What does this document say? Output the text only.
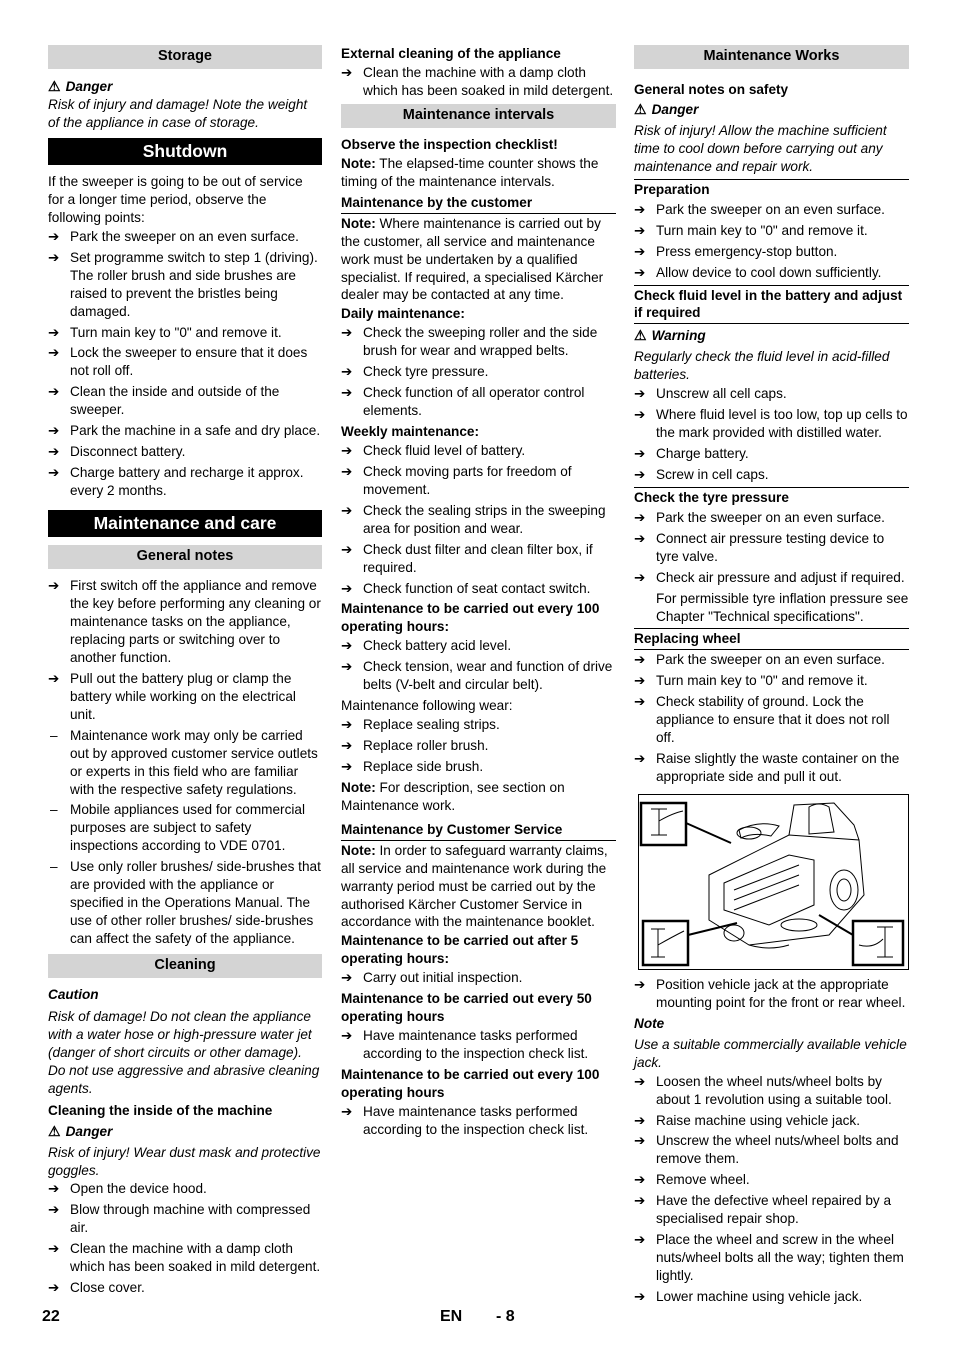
Storage
⚠ Danger

Risk of injury and damage! Note the weight of the appliance in case of storage.

Shutdown

If the sweeper is going to be out of service for a longer time period, observe the following points:

➔ Park the sweeper on an even surface.
➔ Set programme switch to step 1 (driving). The roller brush and side brushes are raised to prevent the bristles being damaged.
➔ Turn main key to "0" and remove it.
➔ Lock the sweeper to ensure that it does not roll off.
➔ Clean the inside and outside of the sweeper.
➔ Park the machine in a safe and dry place.
➔ Disconnect battery.
➔ Charge battery and recharge it approx. every 2 months.
Maintenance and care
General notes
➔ First switch off the appliance and remove the key before performing any cleaning or maintenance tasks on the appliance, replacing parts or switching over to another function.
➔ Pull out the battery plug or clamp the battery while working on the electrical unit.
– Maintenance work may only be carried out by approved customer service outlets or experts in this field who are familiar with the respective safety regulations.
– Mobile appliances used for commercial purposes are subject to safety inspections according to VDE 0701.
– Use only roller brushes/ side-brushes that are provided with the appliance or specified in the Operations Manual. The use of other roller brushes/ side-brushes can affect the safety of the appliance.
Cleaning

Caution

Risk of damage! Do not clean the appliance with a water hose or high-pressure water jet (danger of short circuits or other damage). Do not use aggressive and abrasive cleaning agents.

Cleaning the inside of the machine

⚠ Danger

Risk of injury! Wear dust mask and protective goggles.

➔ Open the device hood.
➔ Blow through machine with compressed air.
➔ Clean the machine with a damp cloth which has been soaked in mild detergent.
➔ Close cover.

External cleaning of the appliance

➔ Clean the machine with a damp cloth which has been soaked in mild detergent.
Maintenance intervals

Observe the inspection checklist!

Note: The elapsed-time counter shows the timing of the maintenance intervals.

Maintenance by the customer

Note: Where maintenance is carried out by the customer, all service and maintenance work must be undertaken by a qualified specialist. If required, a specialised Kärcher dealer may be contacted at any time.

Daily maintenance:

➔ Check the sweeping roller and the side brush for wear and wrapped belts.
➔ Check tyre pressure.
➔ Check function of all operator control elements.

Weekly maintenance:

➔ Check fluid level of battery.
➔ Check moving parts for freedom of movement.
➔ Check the sealing strips in the sweeping area for position and wear.
➔ Check dust filter and clean filter box, if required.
➔ Check function of seat contact switch.

Maintenance to be carried out every 100 operating hours:

➔ Check battery acid level.
➔ Check tension, wear and function of drive belts (V-belt and circular belt).

Maintenance following wear:

➔ Replace sealing strips.
➔ Replace roller brush.
➔ Replace side brush.

Note: For description, see section on Maintenance work.

Maintenance by Customer Service

Note: In order to safeguard warranty claims, all service and maintenance work during the warranty period must be carried out by the authorised Kärcher Customer Service in accordance with the maintenance booklet.

Maintenance to be carried out after 5 operating hours:

➔ Carry out initial inspection.

Maintenance to be carried out every 50 operating hours

➔ Have maintenance tasks performed according to the inspection check list.

Maintenance to be carried out every 100 operating hours

➔ Have maintenance tasks performed according to the inspection check list.
Maintenance Works

General notes on safety

⚠ Danger

Risk of injury! Allow the machine sufficient time to cool down before carrying out any maintenance and repair work.

Preparation
➔ Park the sweeper on an even surface.
➔ Turn main key to "0" and remove it.
➔ Press emergency-stop button.
➔ Allow device to cool down sufficiently.
Check fluid level in the battery and adjust if required
⚠ Warning

Regularly check the fluid level in acid-filled batteries.

➔ Unscrew all cell caps.
➔ Where fluid level is too low, top up cells to the mark provided with distilled water.
➔ Charge battery.
➔ Screw in cell caps.
Check the tyre pressure
➔ Park the sweeper on an even surface.
➔ Connect air pressure testing device to tyre valve.
➔ Check air pressure and adjust if required.

For permissible tyre inflation pressure see Chapter "Technical specifications".

Replacing wheel
➔ Park the sweeper on an even surface.
➔ Turn main key to "0" and remove it.
➔ Check stability of ground. Lock the appliance to ensure that it does not roll off.
➔ Raise slightly the waste container on the appropriate side and pull it out.
➔ Position vehicle jack at the appropriate mounting point for the front or rear wheel.

Note

Use a suitable commercially available vehicle jack.

➔ Loosen the wheel nuts/wheel bolts by about 1 revolution using a suitable tool.
➔ Raise machine using vehicle jack.
➔ Unscrew the wheel nuts/wheel bolts and remove them.
➔ Remove wheel.
➔ Have the defective wheel repaired by a specialised repair shop.
➔ Place the wheel and screw in the wheel nuts/wheel bolts all the way; tighten them lightly.
➔ Lower machine using vehicle jack.
22	EN - 8
